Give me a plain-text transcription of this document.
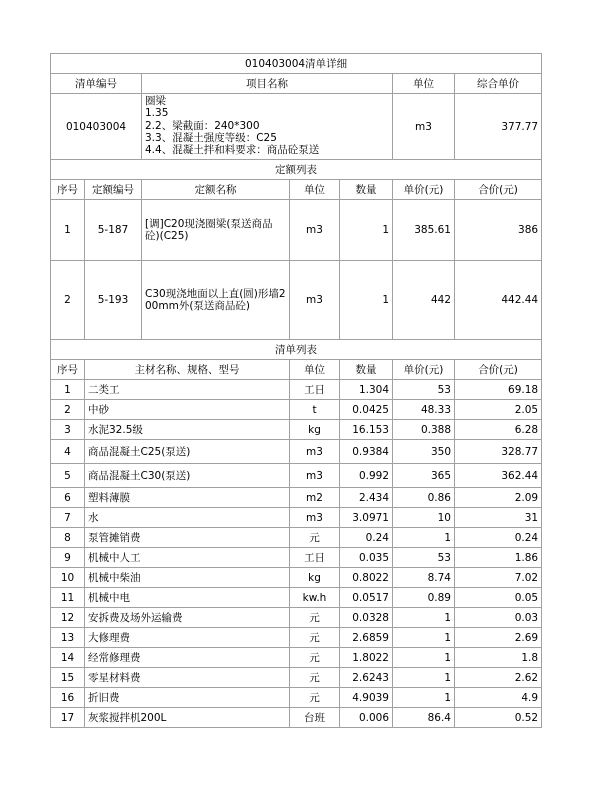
010403004清单详细						
清单编号		项目名称			单位	综合单价
010403004		圈梁
1.35
2.2、梁截面：240*300
3.3、混凝土强度等级：C25
4.4、混凝土拌和料要求：商品砼泵送			m3	377.77
定额列表						
序号	定额编号	定额名称	单位	数量	单价(元)	合价(元)
1	5-187	[调]C20现浇圈梁(泵送商品砼)(C25)	m3	1	385.61	386
2	5-193	C30现浇地面以上直(圆)形墙200mm外(泵送商品砼)	m3	1	442	442.44
清单列表						
序号	主材名称、规格、型号		单位	数量	单价(元)	合价(元)
1	二类工		工日	1.304	53	69.18
2	中砂		t	0.0425	48.33	2.05
3	水泥32.5级		kg	16.153	0.388	6.28
4	商品混凝土C25(泵送)		m3	0.9384	350	328.77
5	商品混凝土C30(泵送)		m3	0.992	365	362.44
6	塑料薄膜		m2	2.434	0.86	2.09
7	水		m3	3.0971	10	31
8	泵管摊销费		元	0.24	1	0.24
9	机械中人工		工日	0.035	53	1.86
10	机械中柴油		kg	0.8022	8.74	7.02
11	机械中电		kw.h	0.0517	0.89	0.05
12	安拆费及场外运输费		元	0.0328	1	0.03
13	大修理费		元	2.6859	1	2.69
14	经常修理费		元	1.8022	1	1.8
15	零星材料费		元	2.6243	1	2.62
16	折旧费		元	4.9039	1	4.9
17	灰浆搅拌机200L		台班	0.006	86.4	0.52
